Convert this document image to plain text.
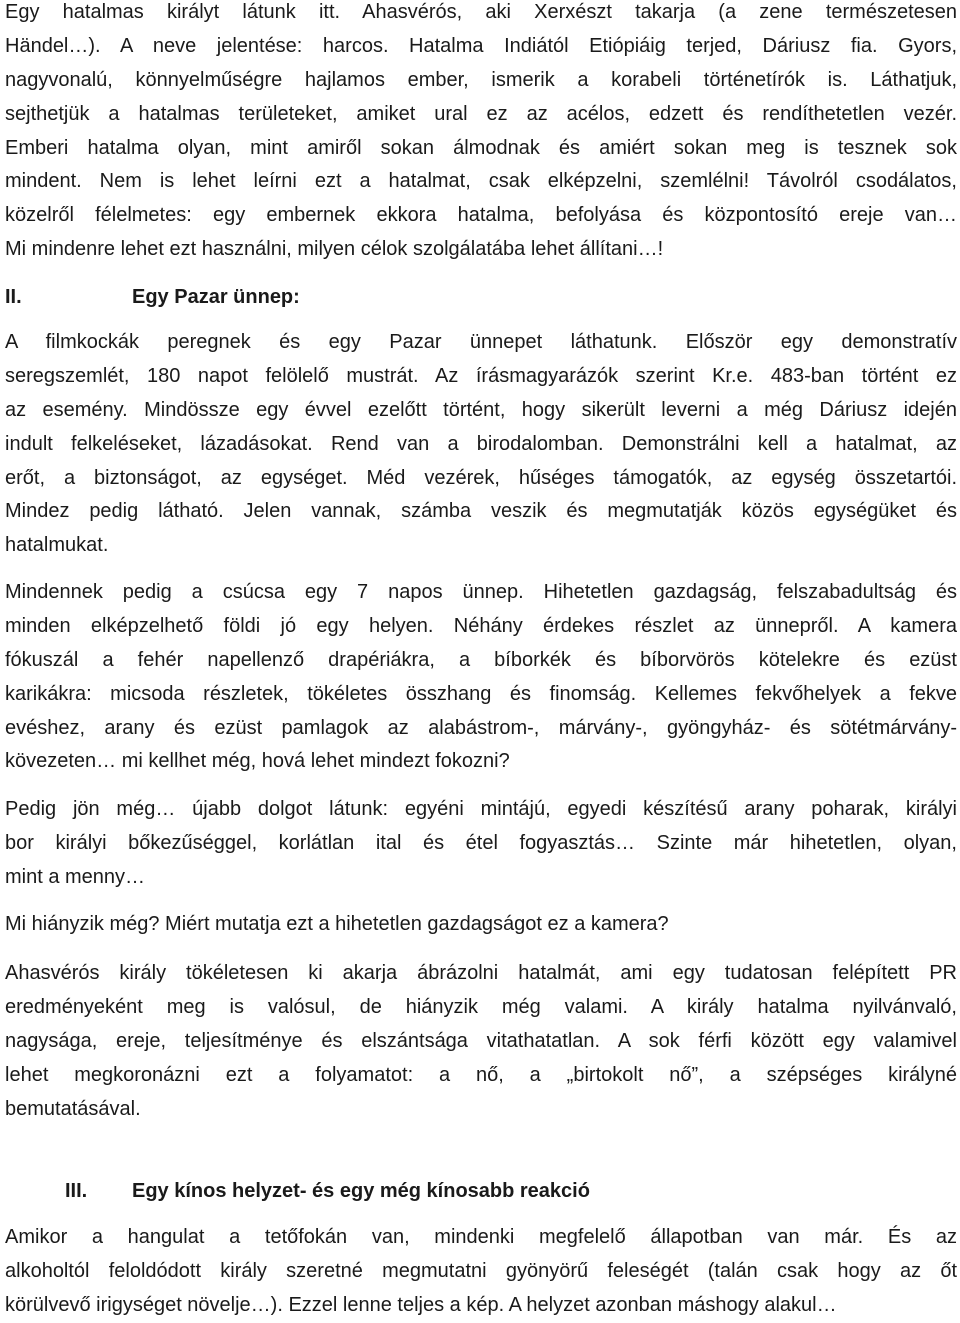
Egy hatalmas királyt látunk itt. Ahasvérós, aki Xerxészt takarja (a zene természetesen
Händel…). A neve jelentése: harcos. Hatalma Indiától Etiópiáig terjed, Dáriusz fia. Gyors,
nagyvonalú, könnyelműségre hajlamos ember, ismerik a korabeli történetírók is. Láthatjuk,
sejthetjük a hatalmas területeket, amiket ural ez az acélos, edzett és rendíthetetlen vezér.
Emberi hatalma olyan, mint amiről sokan álmodnak és amiért sokan meg is tesznek sok
mindent. Nem is lehet leírni ezt a hatalmat, csak elképzelni, szemlélni! Távolról csodálatos,
közelről félelmetes: egy embernek ekkora hatalma, befolyása és központosító ereje van…
Mi mindenre lehet ezt használni, milyen célok szolgálatába lehet állítani…!

II.	Egy Pazar ünnep:

A filmkockák peregnek és egy Pazar ünnepet láthatunk. Először egy demonstratív
seregszemlét, 180 napot felölelő mustrát. Az írásmagyarázók szerint Kr.e. 483-ban történt ez
az esemény. Mindössze egy évvel ezelőtt történt, hogy sikerült leverni a még Dáriusz idején
indult felkeléseket, lázadásokat. Rend van a birodalomban. Demonstrálni kell a hatalmat, az
erőt, a biztonságot, az egységet. Méd vezérek, hűséges támogatók, az egység összetartói.
Mindez pedig látható. Jelen vannak, számba veszik és megmutatják közös egységüket és
hatalmukat.

Mindennek pedig a csúcsa egy 7 napos ünnep. Hihetetlen gazdagság, felszabadultság és
minden elképzelhető földi jó egy helyen. Néhány érdekes részlet az ünnepről. A kamera
fókuszál a fehér napellenző drapériákra, a bíborkék és bíborvörös kötelekre és ezüst
karikákra: micsoda részletek, tökéletes összhang és finomság. Kellemes fekvőhelyek a fekve
evéshez, arany és ezüst pamlagok az alabástrom-, márvány-, gyöngyház- és sötétmárvány-
kövezeten… mi kellhet még, hová lehet mindezt fokozni?

Pedig jön még… újabb dolgot látunk: egyéni mintájú, egyedi készítésű arany poharak, királyi
bor királyi bőkezűséggel, korlátlan ital és étel fogyasztás… Szinte már hihetetlen, olyan,
mint a menny…

Mi hiányzik még? Miért mutatja ezt a hihetetlen gazdagságot ez a kamera?

Ahasvérós király tökéletesen ki akarja ábrázolni hatalmát, ami egy tudatosan felépített PR
eredményeként meg is valósul, de hiányzik még valami. A király hatalma nyilvánvaló,
nagysága, ereje, teljesítménye és elszántsága vitathatatlan. A sok férfi között egy valamivel
lehet megkoronázni ezt a folyamatot: a nő, a „birtokolt nő”, a szépséges királyné
bemutatásával.

III. Egy kínos helyzet- és egy még kínosabb reakció

Amikor a hangulat a tetőfokán van, mindenki megfelelő állapotban van már. És az
alkoholtól feloldódott király szeretné megmutatni gyönyörű feleségét (talán csak hogy az őt
körülvevő irigységet növelje…). Ezzel lenne teljes a kép. A helyzet azonban máshogy alakul…
